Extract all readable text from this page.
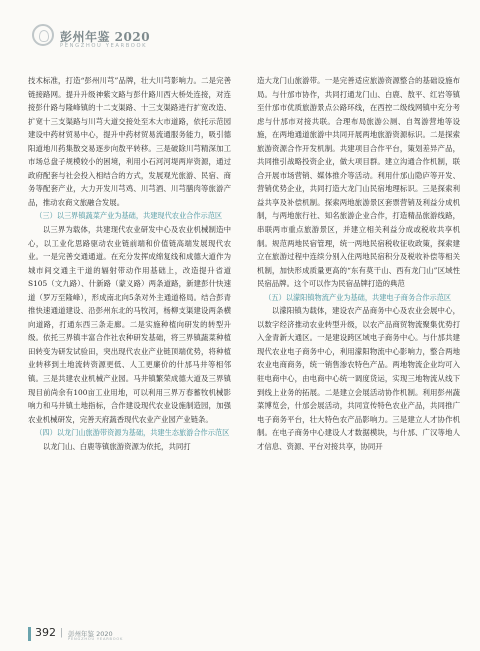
彭州年鉴 2020
PENGZHOU YEARBOOK

技术标准，打造“彭州川芎”品牌，壮大川芎影响力。二是完善链接路网。提升升级神紫文路与彭什路川西大桥处连接，对连接彭什路与隆峰镇的十二支渠路、十三支渠路进行扩宽改造、扩宽十三支渠路与川芎大道交接处至木大市道路，依托示范园建设中药材贸易中心，提升中药材贸易流通服务能力，吸引德阳道地川药集散交易逐步向敖平转移。三是破除川芎精深加工市场总盘子规模较小的困境，利用小石河河堤两岸资源，通过政府配套与社会投入相结合的方式，发展观光旅游、民宿、商务等配套产业，大力开发川芎鸡、川芎酒、川芎膳肉等旅游产品，推动农商文旅融合发展。

（三）以三界镇蔬菜产业为基础，共建现代农业合作示范区

以三界为载体，共建现代农业研发中心及农业机械制造中心，以工业化思路驱动农业链前端和价值链高端发展现代农业。一是完善交通通道。在充分发挥成绵复线和成德大道作为城市间交通主干道的辐射带动作用基础上，改造提升省道S105（文九路）、什新路（蒙义路）两条道路，新建彭什快速道（罗万至隆峰），形成南北向5条对外主通道格局。结合彭青推快速通道建设、沿彭州东北的马牧河，杨柳支渠建设两条横向道路，打通东西三条走廊。二是实施种植向研发的转型升级。依托三界镇丰富合作社农种研发基础，将三界镇蔬菜种植田转变为研发试验田，突出现代农业产业链顶端优势，将种植业转移到土地流转资源更低、人工更廉价的什邡马井等相邻镇。三是共建农业机械产业园。马井镇繁荣成德大道及三界镇现目前尚余有100亩工业用地，可以利用三界万春蓄牧机械影响力和马井镇土地指标，合作建设现代农业设施制造园，加强农业机械研发，完善天府蔬香现代农业产业园产业链条。

（四）以龙门山旅游带资源为基础，共建生态旅游合作示范区

以龙门山、白鹿等镇旅游资源为依托，共同打

造大龙门山旅游带。一是完善适应旅游资源整合的基础设施布局。与什邡市协作，共同打通龙门山、白鹿、敖平、红岩等镇至什邡市优质旅游景点公路环线，在西控二级线网镇中充分考虑与什邡市对接共联。合理布局旅游公厕、自驾游营地等设施，在两地通道旅游中共同开展两地旅游资源标识。二是探索旅游资源合作开发机制。共建项目合作平台，策划差异产品，共同推引战略投资企业，做大项目群。建立沟通合作机制，联合开展市场营销、媒体推介等活动。利用什邡山隐庐等开发、营销优势企业，共同打造大龙门山民宿地理标识。三是探索利益共享及补偿机制。探索两地旅游景区套票营销及利益分成机制，与两地旅行社、知名旅游企业合作，打造精品旅游线路，串联两市重点旅游景区，并建立相关利益分成或税收共享机制。规范两地民宿管理，统一两地民宿税收征收政策，探索建立在旅游过程中连续分别入住两地民宿积分及税收补偿等相关机制，加快形成质量更高的“东有莫干山、西有龙门山”区域性民宿品牌。这个可以作为民宿品牌打造的典范

（五）以濛阳镇物流产业为基础，共建电子商务合作示范区

以濛阳镇为载体，建设农产品商务中心及农业会展中心，以数字经济推动农业转型升级，以农产品商贸物流聚集优势打入金青新大通区。一是建设跨区域电子商务中心。与什邡共建现代农业电子商务中心，利用濛阳物流中心影响力，整合两地农业电商商务，统一销售渗农特色产品。两地物流企业均可入驻电商中心，由电商中心统一调度货运，实现三地物流从线下到线上业务的拓展。二是建立会展活动协作机制。利用彭州蔬菜博览会，什邡会展活动，共同宣传特色农业产品，共同推广电子商务平台，壮大特色农产品影响力。三是建立人才协作机制。在电子商务中心建设人才数据模块，与什邡、广汉等地人才信息、资源、平台对接共享，协同开

392 | 彭州年鉴 2020
PENGZHOU YEARBOOK
